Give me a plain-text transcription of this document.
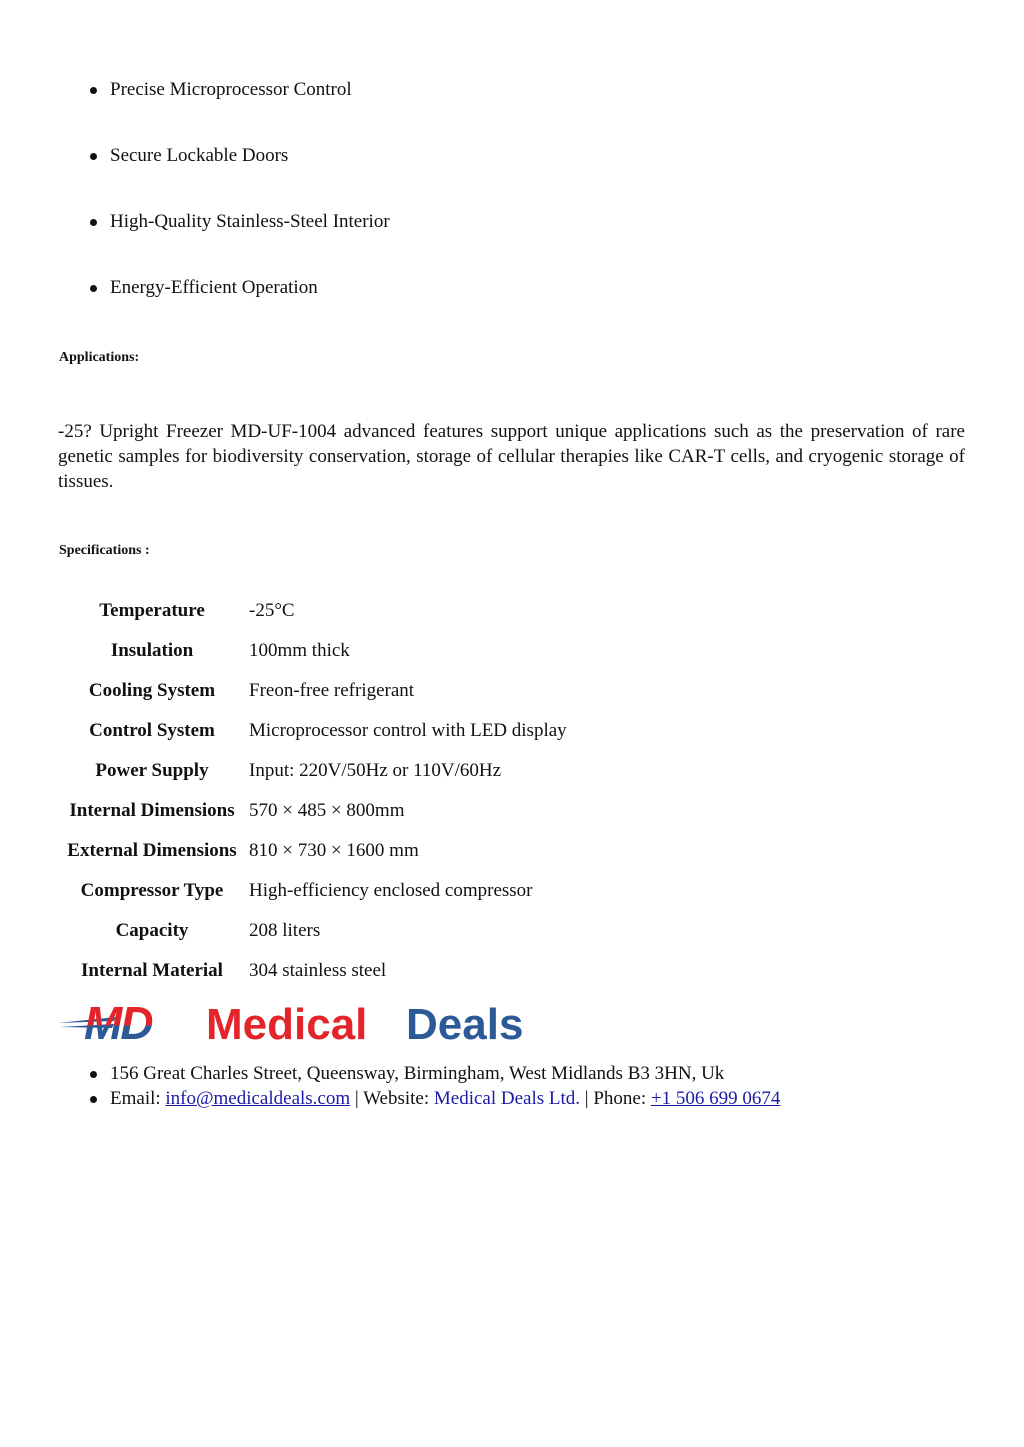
Precise Microprocessor Control
Secure Lockable Doors
High-Quality Stainless-Steel Interior
Energy-Efficient Operation
Applications:
-25? Upright Freezer MD-UF-1004 advanced features support unique applications such as the preservation of rare genetic samples for biodiversity conservation, storage of cellular therapies like CAR-T cells, and cryogenic storage of tissues.
Specifications :
Temperature	-25°C
Insulation	100mm thick
Cooling System	Freon-free refrigerant
Control System	Microprocessor control with LED display
Power Supply	Input: 220V/50Hz or 110V/60Hz
Internal Dimensions 570 × 485 × 800mm
External Dimensions 810 × 730 × 1600 mm
Compressor Type	High-efficiency enclosed compressor
Capacity	208 liters
Internal Material	304 stainless steel
MD Medical Deals
156 Great Charles Street, Queensway, Birmingham, West Midlands B3 3HN, Uk
Email: info@medicaldeals.com | Website: Medical Deals Ltd. | Phone: +1 506 699 0674
